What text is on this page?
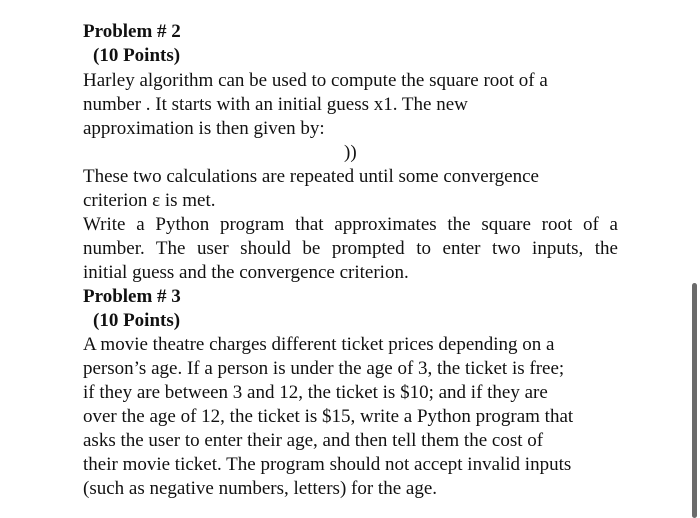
Problem # 2
(10 Points)
Harley algorithm can be used to compute the square root of a
number . It starts with an initial guess x1. The new
approximation is then given by:
))
These two calculations are repeated until some convergence
criterion ε is met.
Write a Python program that approximates the square root of a
number. The user should be prompted to enter two inputs, the
initial guess and the convergence criterion.
Problem # 3
(10 Points)
A movie theatre charges different ticket prices depending on a
person’s age. If a person is under the age of 3, the ticket is free;
if they are between 3 and 12, the ticket is $10; and if they are
over the age of 12, the ticket is $15, write a Python program that
asks the user to enter their age, and then tell them the cost of
their movie ticket. The program should not accept invalid inputs
(such as negative numbers, letters) for the age.
